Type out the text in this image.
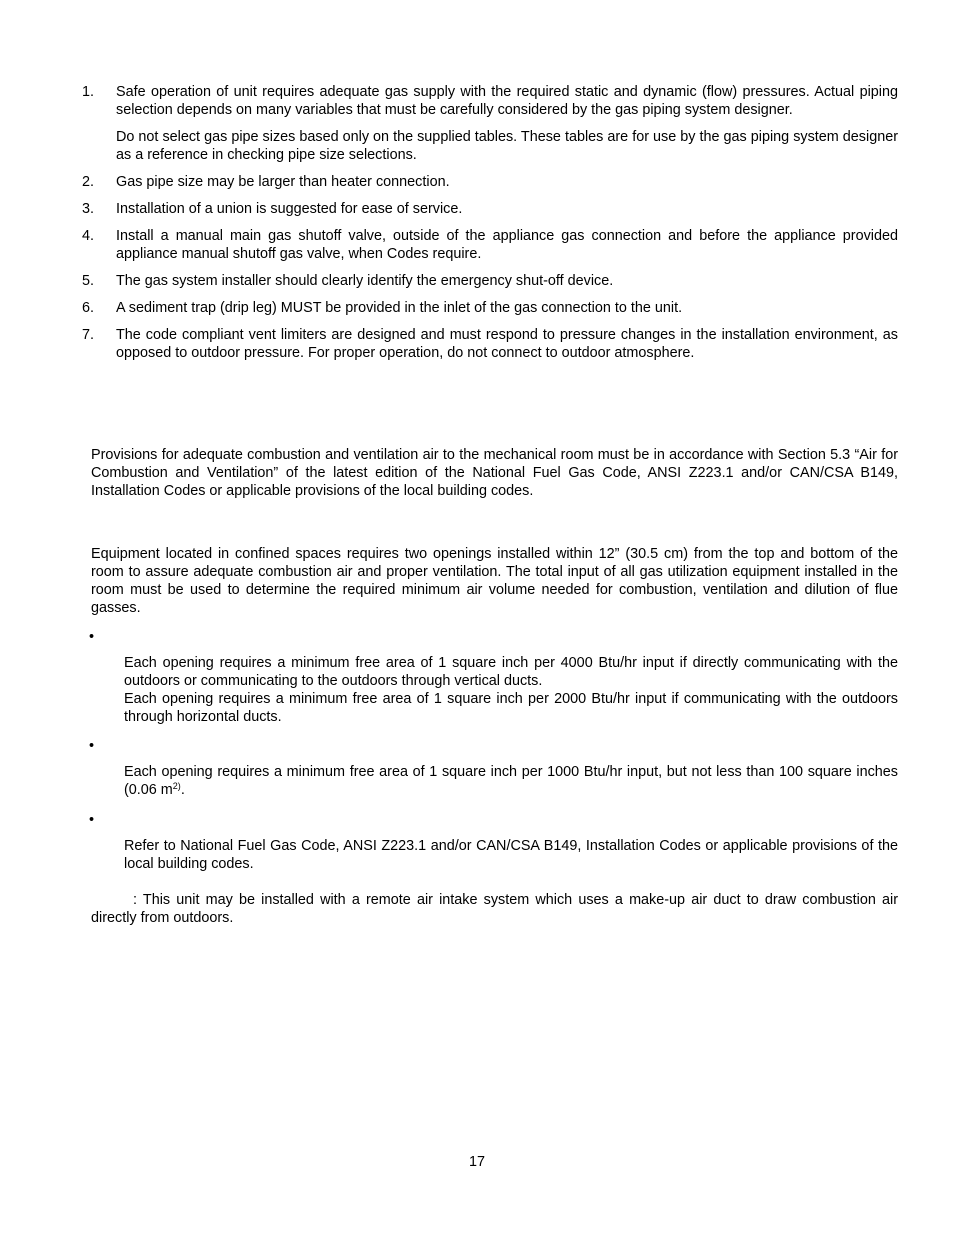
1.	Safe operation of unit requires adequate gas supply with the required static and dynamic (flow) pressures. Actual piping selection depends on many variables that must be carefully considered by the gas piping system designer.

Do not select gas pipe sizes based only on the supplied tables. These tables are for use by the gas piping system designer as a reference in checking pipe size selections.

2.	Gas pipe size may be larger than heater connection.

3.	Installation of a union is suggested for ease of service.

4.	Install a manual main gas shutoff valve, outside of the appliance gas connection and before the appliance provided appliance manual shutoff gas valve, when Codes require.

5.	The gas system installer should clearly identify the emergency shut-off device.

6.	A sediment trap (drip leg) MUST be provided in the inlet of the gas connection to the unit.

7.	The code compliant vent limiters are designed and must respond to pressure changes in the installation environment, as opposed to outdoor pressure. For proper operation, do not connect to outdoor atmosphere.

Provisions for adequate combustion and ventilation air to the mechanical room must be in accordance with Section 5.3 “Air for Combustion and Ventilation” of the latest edition of the National Fuel Gas Code, ANSI Z223.1 and/or CAN/CSA B149, Installation Codes or applicable provisions of the local building codes.

Equipment located in confined spaces requires two openings installed within 12” (30.5 cm) from the top and bottom of the room to assure adequate combustion air and proper ventilation. The total input of all gas utilization equipment installed in the room must be used to determine the required minimum air volume needed for combustion, ventilation and dilution of flue gasses.

•

Each opening requires a minimum free area of 1 square inch per 4000 Btu/hr input if directly communicating with the outdoors or communicating to the outdoors through vertical ducts.

Each opening requires a minimum free area of 1 square inch per 2000 Btu/hr input if communicating with the outdoors through horizontal ducts.

•

Each opening requires a minimum free area of 1 square inch per 1000 Btu/hr input, but not less than 100 square inches (0.06 $m^{2)}$.

•

Refer to National Fuel Gas Code, ANSI Z223.1 and/or CAN/CSA B149, Installation Codes or applicable provisions of the local building codes.

: This unit may be installed with a remote air intake system which uses a make-up air duct to draw combustion air directly from outdoors.

17
